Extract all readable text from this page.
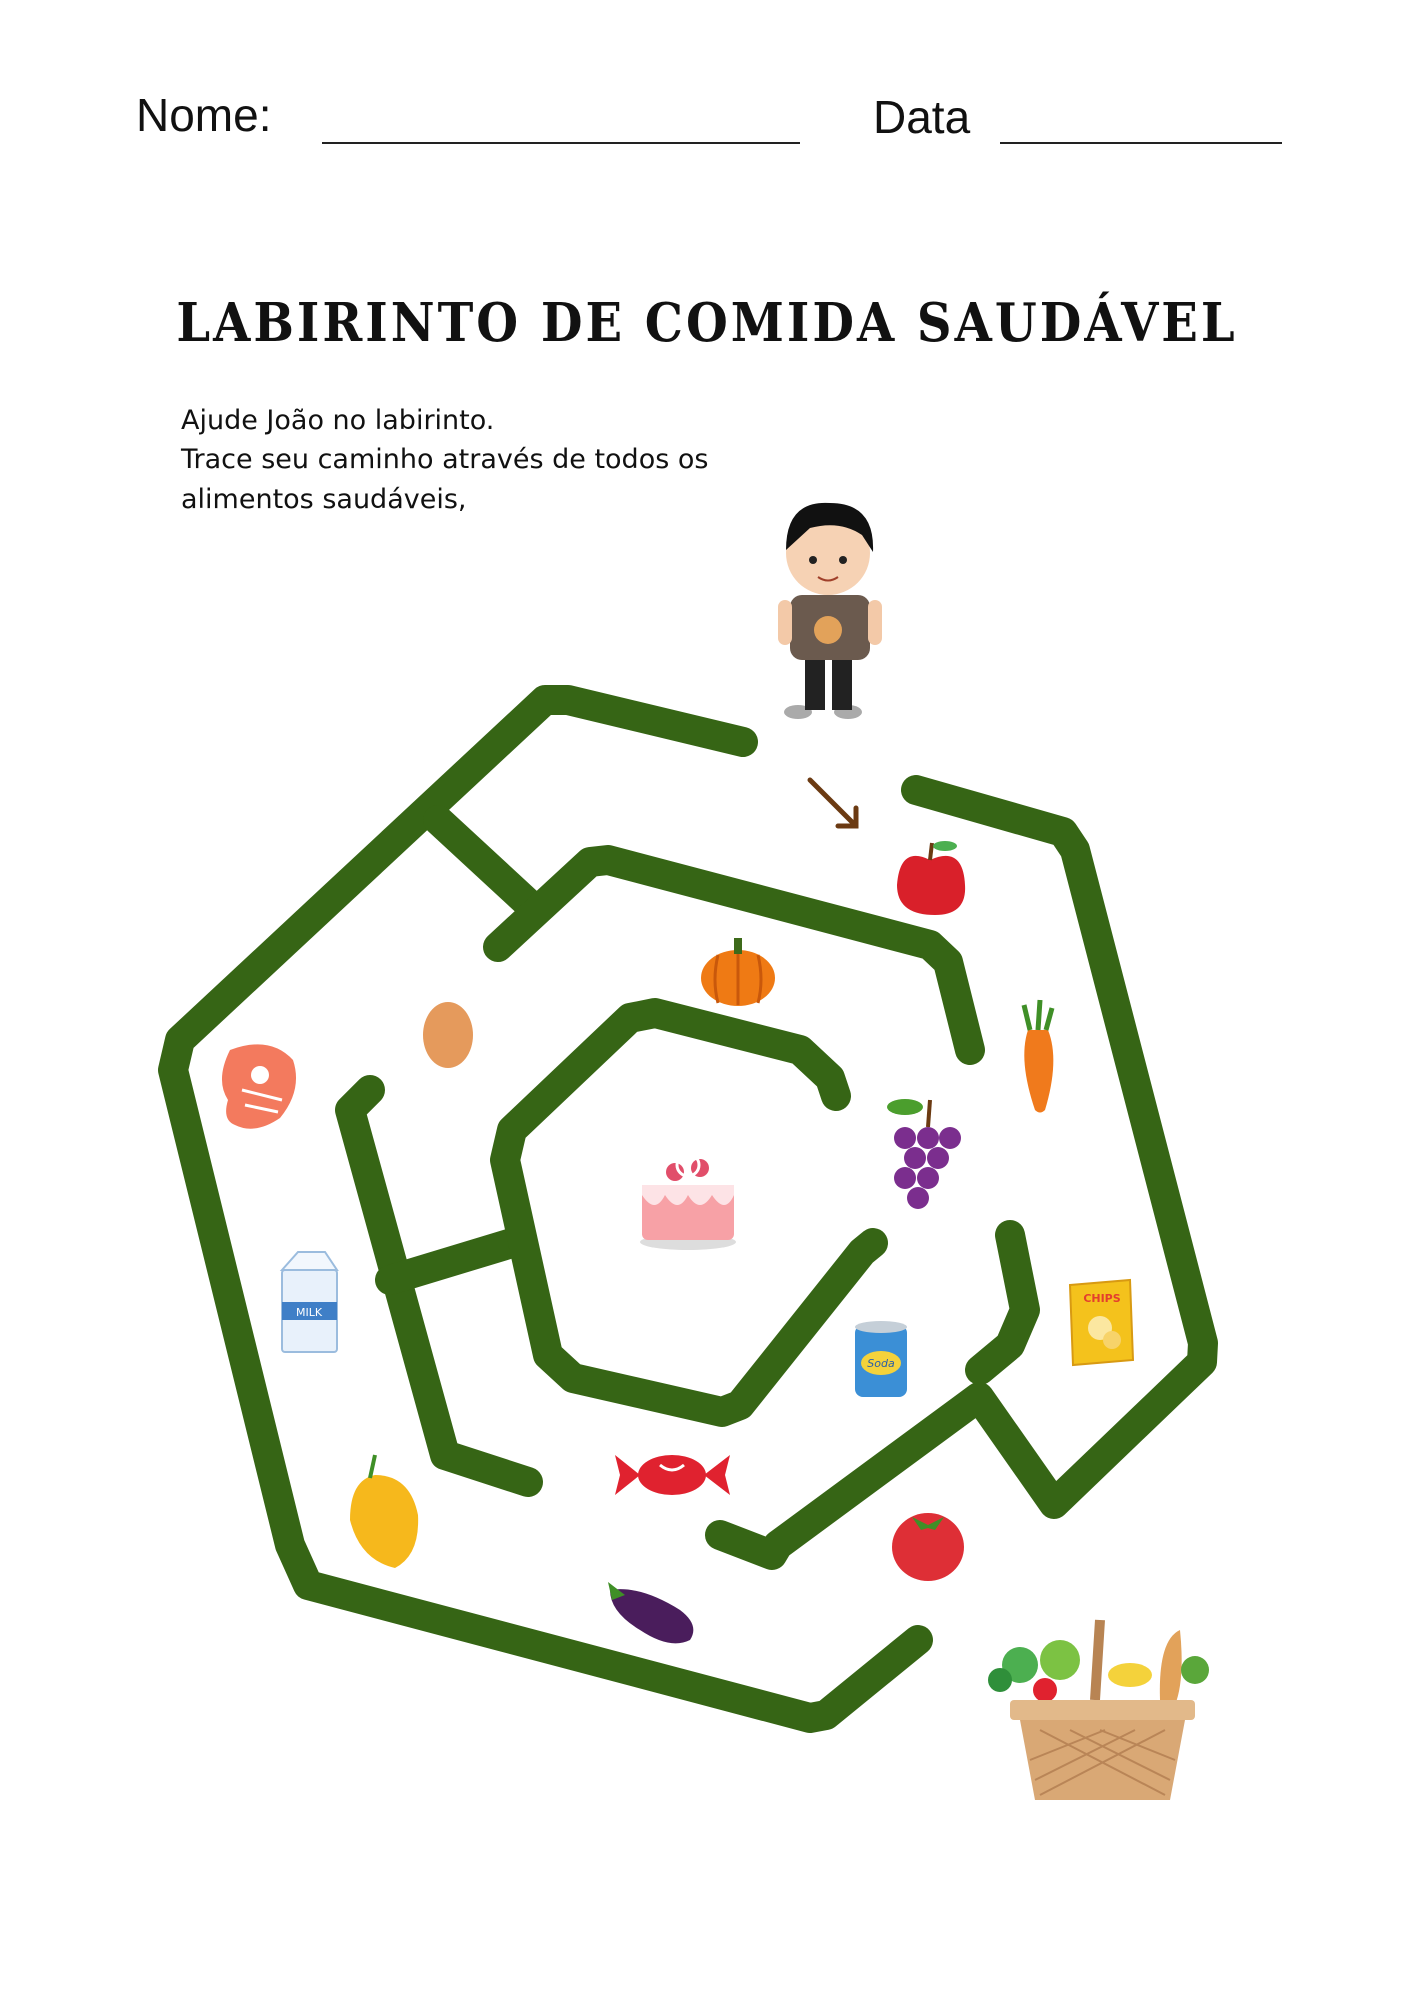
Nome:	Data
LABIRINTO DE COMIDA SAUDÁVEL
Ajude João no labirinto.
Trace seu caminho através de todos os
alimentos saudáveis,
MILK
CHIPS
Soda
